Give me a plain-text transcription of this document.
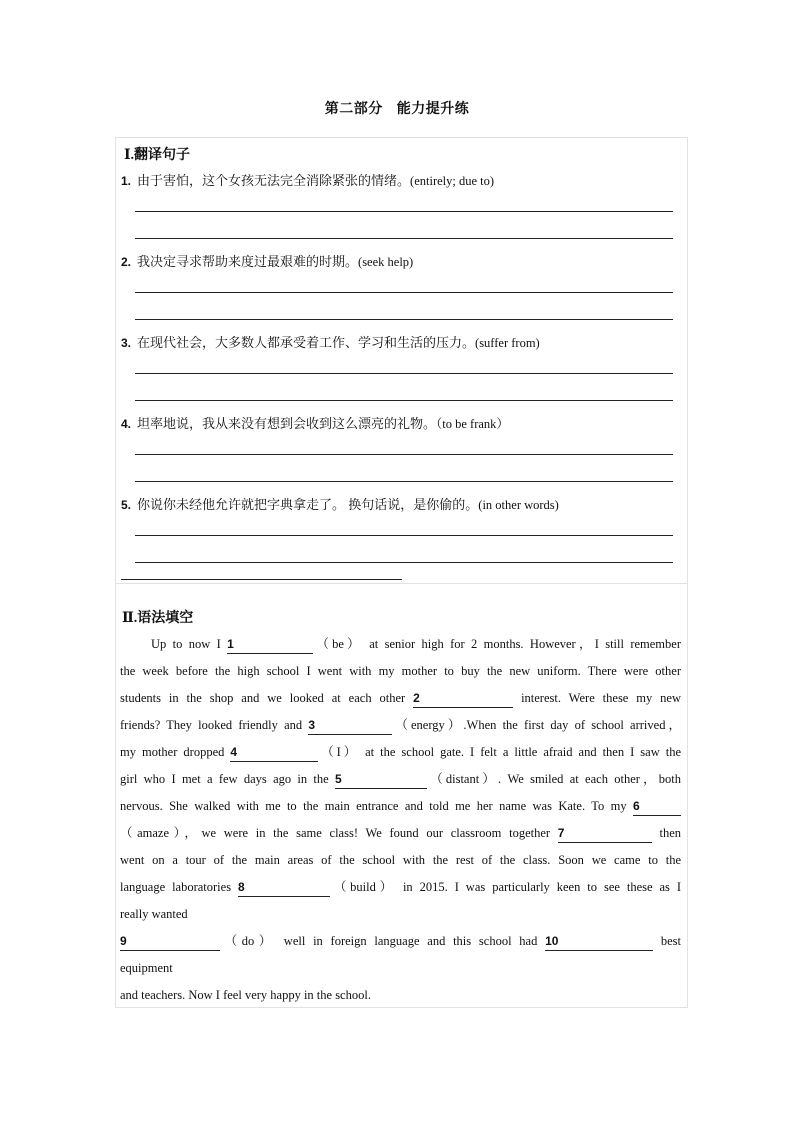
第二部分 能力提升练
Ⅰ.翻译句子
1. 由于害怕，这个女孩无法完全消除紧张的情绪。(entirely; due to)
2. 我决定寻求帮助来度过最艰难的时期。(seek help)
3. 在现代社会，大多数人都承受着工作、学习和生活的压力。(suffer from)
4. 坦率地说，我从来没有想到会收到这么漂亮的礼物。（to be frank）
5. 你说你未经他允许就把字典拿走了。 换句话说，是你偷的。(in other words)
Ⅱ.语法填空
Up to now I 1	（be） at senior high for 2 months. However，I still remember
the week before the high school I went with my mother to buy the new uniform. There were other
students in the shop and we looked at each other 2	interest. Were these my new
friends? They looked friendly and 3	（energy）.When the first day of school arrived，
my mother dropped 4	（I） at the school gate. I felt a little afraid and then I saw the
girl who I met a few days ago in the 5	（distant）. We smiled at each other，both
nervous. She walked with me to the main entrance and told me her name was Kate. To my 6
（amaze），we were in the same class! We found our classroom together 7	then
went on a tour of the main areas of the school with the rest of the class. Soon we came to the
language laboratories 8	（build） in 2015. I was particularly keen to see these as I
really wanted
9	（do） well in foreign language and this school had 10	best
equipment
and teachers. Now I feel very happy in the school.
